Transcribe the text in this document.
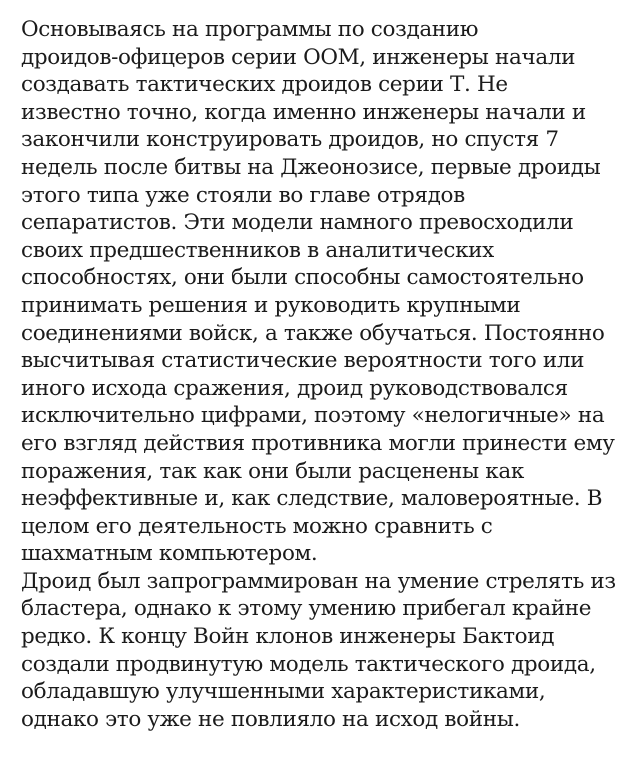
Основываясь на программы по созданию
дроидов-офицеров серии ООМ, инженеры начали
создавать тактических дроидов серии Т. Не
известно точно, когда именно инженеры начали и
закончили конструировать дроидов, но спустя 7
недель после битвы на Джеонозисе, первые дроиды
этого типа уже стояли во главе отрядов
сепаратистов. Эти модели намного превосходили
своих предшественников в аналитических
способностях, они были способны самостоятельно
принимать решения и руководить крупными
соединениями войск, а также обучаться. Постоянно
высчитывая статистические вероятности того или
иного исхода сражения, дроид руководствовался
исключительно цифрами, поэтому «нелогичные» на
его взгляд действия противника могли принести ему
поражения, так как они были расценены как
неэффективные и, как следствие, маловероятные. В
целом его деятельность можно сравнить с
шахматным компьютером.
Дроид был запрограммирован на умение стрелять из
бластера, однако к этому умению прибегал крайне
редко. К концу Войн клонов инженеры Бактоид
создали продвинутую модель тактического дроида,
обладавшую улучшенными характеристиками,
однако это уже не повлияло на исход войны.
